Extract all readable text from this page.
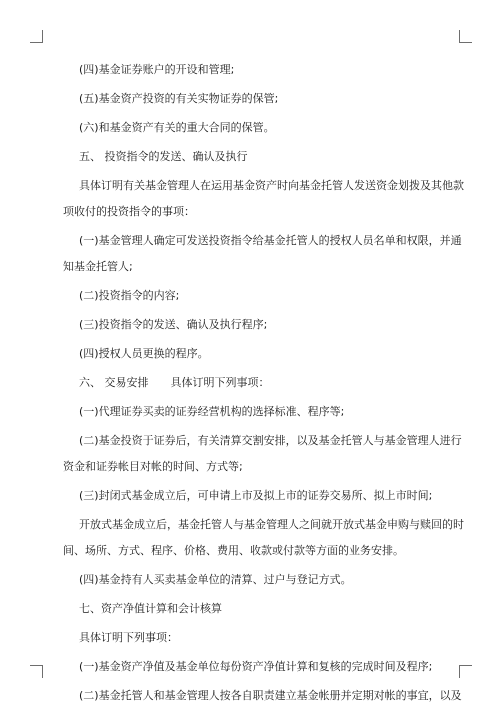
(四)基金证券账户的开设和管理;

(五)基金资产投资的有关实物证券的保管;

(六)和基金资产有关的重大合同的保管。

五、 投资指令的发送、确认及执行

具体订明有关基金管理人在运用基金资产时向基金托管人发送资金划拨及其他款

项收付的投资指令的事项：

(一)基金管理人确定可发送投资指令给基金托管人的授权人员名单和权限，并通

知基金托管人;

(二)投资指令的内容;

(三)投资指令的发送、确认及执行程序;

(四)授权人员更换的程序。

六、 交易安排　　具体订明下列事项：

(一)代理证券买卖的证券经营机构的选择标准、程序等;

(二)基金投资于证券后，有关清算交割安排，以及基金托管人与基金管理人进行

资金和证券帐目对帐的时间、方式等;

(三)封闭式基金成立后，可申请上市及拟上市的证券交易所、拟上市时间;

开放式基金成立后，基金托管人与基金管理人之间就开放式基金申购与赎回的时

间、场所、方式、程序、价格、费用、收款或付款等方面的业务安排。

(四)基金持有人买卖基金单位的清算、过户与登记方式。

七、资产净值计算和会计核算

具体订明下列事项：

(一)基金资产净值及基金单位每份资产净值计算和复核的完成时间及程序;

(二)基金托管人和基金管理人按各自职责建立基金帐册并定期对帐的事宜，以及
